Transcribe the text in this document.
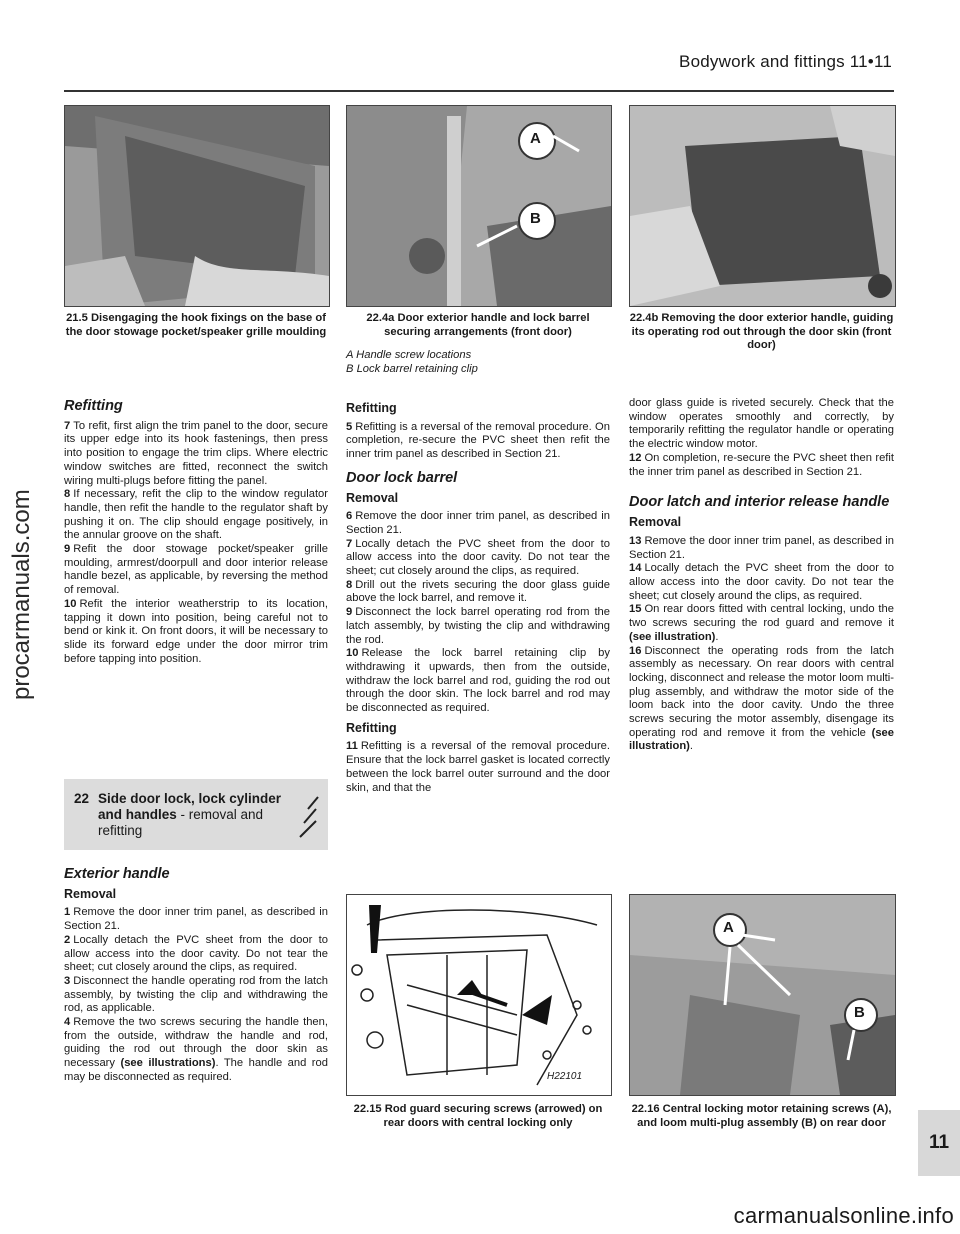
Bodywork and fittings 11•11
21.5 Disengaging the hook fixings on the base of the door stowage pocket/speaker grille moulding
A
B
22.4a Door exterior handle and lock barrel securing arrangements (front door)
A Handle screw locations
B Lock barrel retaining clip
22.4b Removing the door exterior handle, guiding its operating rod out through the door skin (front door)
Refitting

7 To refit, first align the trim panel to the door, secure its upper edge into its hook fastenings, then press into position to engage the trim clips. Where electric window switches are fitted, reconnect the switch wiring multi-plugs before fitting the panel.

8 If necessary, refit the clip to the window regulator handle, then refit the handle to the regulator shaft by pushing it on. The clip should engage positively, in the annular groove on the shaft.

9 Refit the door stowage pocket/speaker grille moulding, armrest/doorpull and door interior release handle bezel, as applicable, by reversing the method of removal.

10 Refit the interior weatherstrip to its location, tapping it down into position, being careful not to bend or kink it. On front doors, it will be necessary to slide its forward edge under the door mirror trim before tapping into position.

22 Side door lock, lock cylinder and handles - removal and refitting
Exterior handle
Removal

1 Remove the door inner trim panel, as described in Section 21.

2 Locally detach the PVC sheet from the door to allow access into the door cavity. Do not tear the sheet; cut closely around the clips, as required.

3 Disconnect the handle operating rod from the latch assembly, by twisting the clip and withdrawing the rod, as applicable.

4 Remove the two screws securing the handle then, from the outside, withdraw the handle and rod, guiding the rod out through the door skin as necessary (see illustrations). The handle and rod may be disconnected as required.

Refitting

5 Refitting is a reversal of the removal procedure. On completion, re-secure the PVC sheet then refit the inner trim panel as described in Section 21.

Door lock barrel
Removal

6 Remove the door inner trim panel, as described in Section 21.

7 Locally detach the PVC sheet from the door to allow access into the door cavity. Do not tear the sheet; cut closely around the clips, as required.

8 Drill out the rivets securing the door glass guide above the lock barrel, and remove it.

9 Disconnect the lock barrel operating rod from the latch assembly, by twisting the clip and withdrawing the rod.

10 Release the lock barrel retaining clip by withdrawing it upwards, then from the outside, withdraw the lock barrel and rod, guiding the rod out through the door skin. The lock barrel and rod may be disconnected as required.

Refitting

11 Refitting is a reversal of the removal procedure. Ensure that the lock barrel gasket is located correctly between the lock barrel outer surround and the door skin, and that the

door glass guide is riveted securely. Check that the window operates smoothly and correctly, by temporarily refitting the regulator handle or operating the electric window motor.

12 On completion, re-secure the PVC sheet then refit the inner trim panel as described in Section 21.

Door latch and interior release handle
Removal

13 Remove the door inner trim panel, as described in Section 21.

14 Locally detach the PVC sheet from the door to allow access into the door cavity. Do not tear the sheet; cut closely around the clips, as required.

15 On rear doors fitted with central locking, undo the two screws securing the rod guard and remove it (see illustration).

16 Disconnect the operating rods from the latch assembly as necessary. On rear doors with central locking, disconnect and release the motor loom multi-plug assembly, and withdraw the motor side of the loom back into the door cavity. Undo the three screws securing the motor assembly, disengage its operating rod and remove it from the vehicle (see illustration).

H22101
22.15 Rod guard securing screws (arrowed) on rear doors with central locking only
A
B
22.16 Central locking motor retaining screws (A), and loom multi-plug assembly (B) on rear door
11
procarmanuals.com
carmanualsonline.info
